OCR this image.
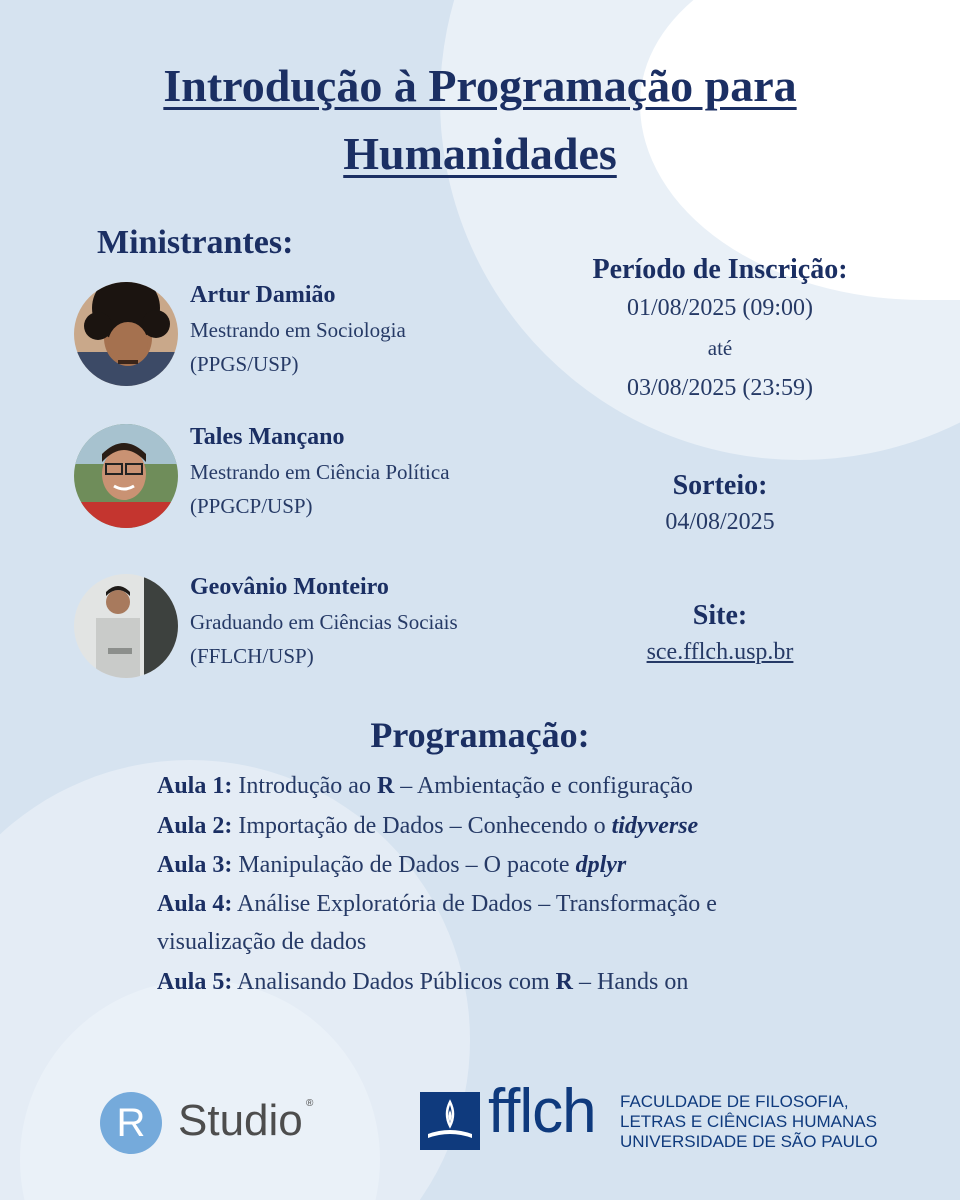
Introdução à Programação para
Humanidades
Ministrantes:
Artur Damião
Mestrando em Sociologia
(PPGS/USP)
Tales Mançano
Mestrando em Ciência Política
(PPGCP/USP)
Geovânio Monteiro
Graduando em Ciências Sociais
(FFLCH/USP)
Período de Inscrição:
01/08/2025 (09:00)
até
03/08/2025 (23:59)
Sorteio:
04/08/2025
Site:
sce.fflch.usp.br
Programação:
Aula 1: Introdução ao R – Ambientação e configuração
Aula 2: Importação de Dados – Conhecendo o tidyverse
Aula 3: Manipulação de Dados – O pacote dplyr
Aula 4: Análise Exploratória de Dados – Transformação e
visualização de dados
Aula 5: Analisando Dados Públicos com R – Hands on
R Studio ®	fflch FACULDADE DE FILOSOFIA,
LETRAS E CIÊNCIAS HUMANAS
UNIVERSIDADE DE SÃO PAULO
